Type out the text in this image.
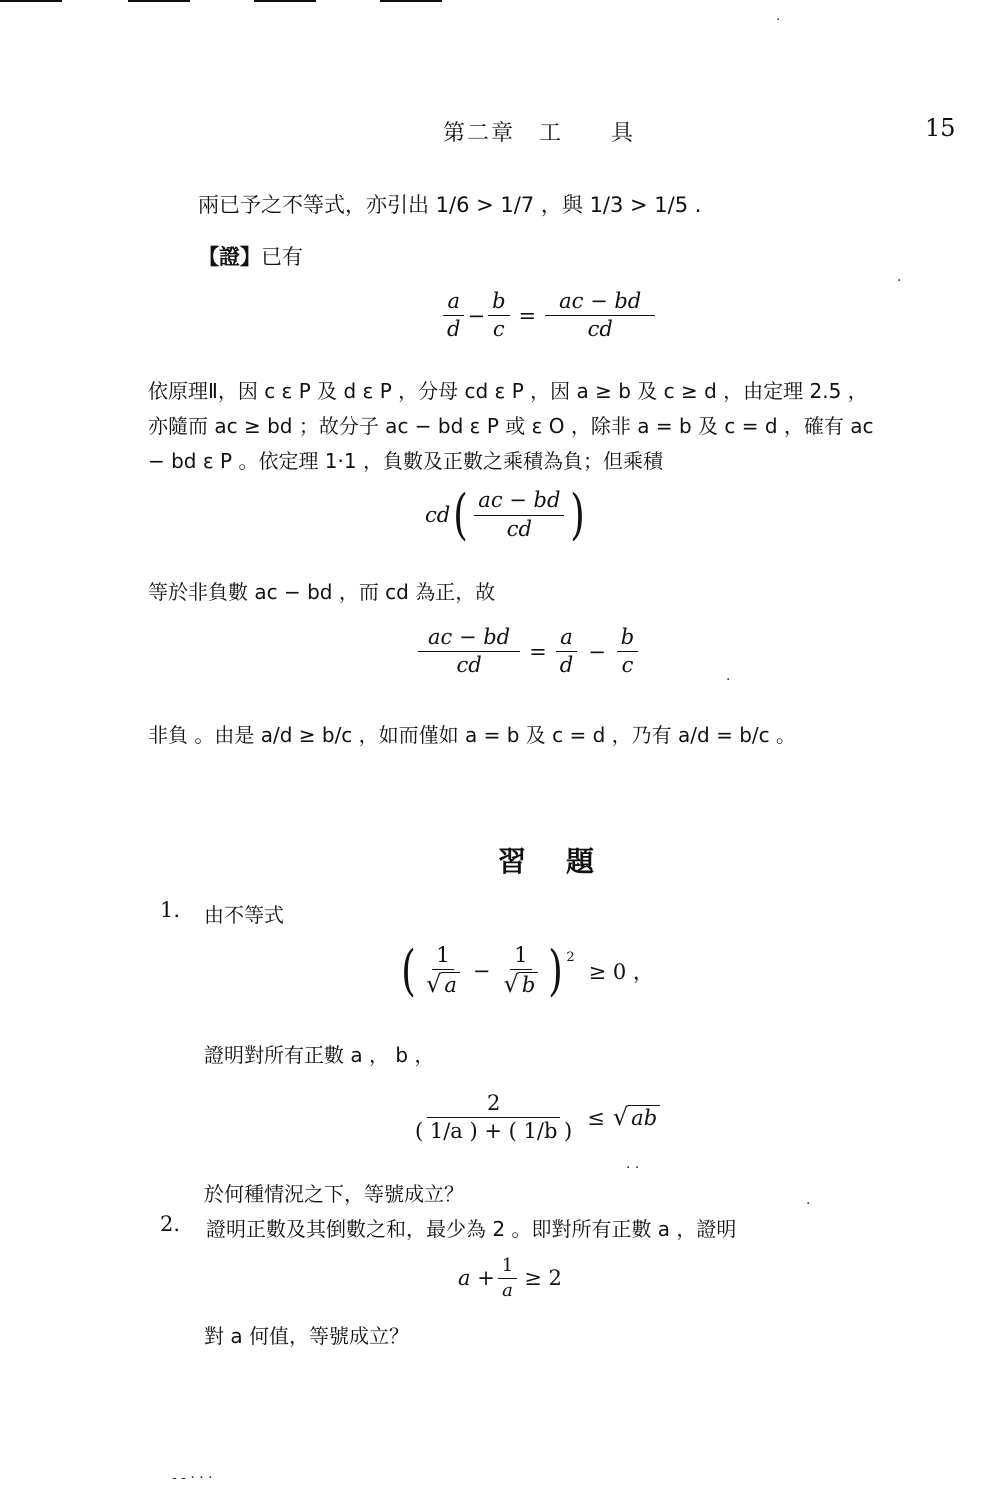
第二章　工　　具	15
兩已予之不等式，亦引出 1/6 > 1/7 ，與 1/3 > 1/5 .
【證】已有
$\frac{a}{d} - \frac{b}{c} = \frac{ac - bd}{cd}$
依原理Ⅱ，因 c ε P 及 d ε P ，分母 cd ε P ，因 a ≥ b 及 c ≥ d ，由定理 2.5 ，
亦隨而 ac ≥ bd ；故分子 ac − bd ε P 或 ε O ，除非 a = b 及 c = d ，確有 ac
− bd ε P 。依定理 1·1 ，負數及正數之乘積為負；但乘積
cd ( $\frac{ac - bd}{cd}$ )
等於非負數 ac − bd ，而 cd 為正，故
$\frac{ac - bd}{cd} = \frac{a}{d} - \frac{b}{c}$
非負 。由是 a/d ≥ b/c ，如而僅如 a = b 及 c = d ，乃有 a/d = b/c 。
習　題
1. 由不等式
( $\frac{1}{√ a} - \frac{1}{√ b}$ ) 2
≥ 0 ，
證明對所有正數 a ， b ，
$\frac{2}{( 1/a ) + ( 1/b )}$ ≤ √ ab
於何種情況之下，等號成立？
2. 證明正數及其倒數之和，最少為 2 。即對所有正數 a ，證明
$a + \frac{1}{a} \ge 2$
對 a 何值，等號成立？
·
·
·
· ·
·
- - · · ·
